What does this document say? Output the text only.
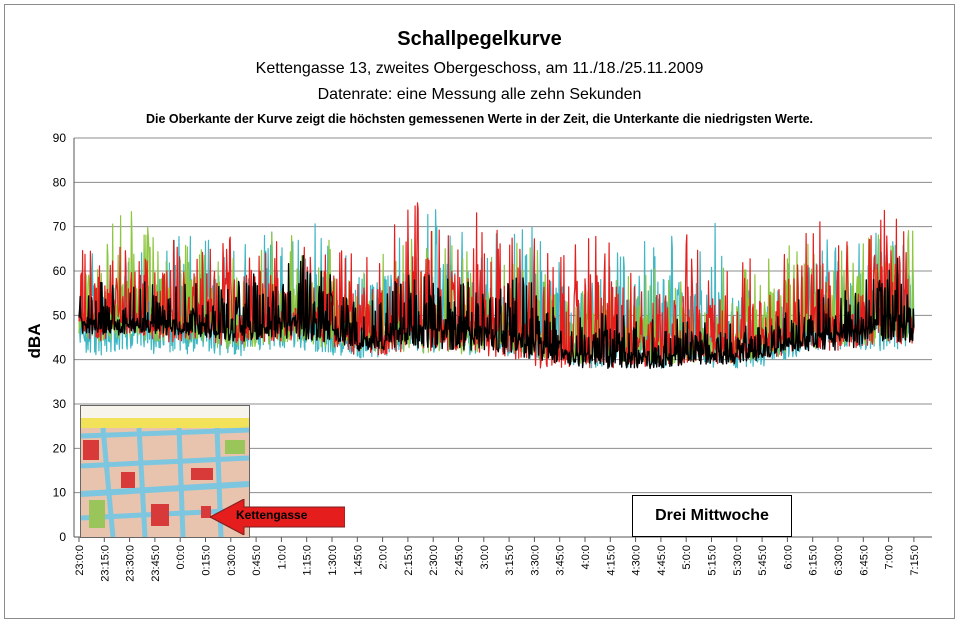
Schallpegelkurve
Kettengasse 13, zweites Obergeschoss, am 11./18./25.11.2009
Datenrate: eine Messung alle zehn Sekunden
Die Oberkante der Kurve zeigt die höchsten gemessenen Werte in der Zeit, die Unterkante die niedrigsten Werte.
0
10
20
30
40
50
60
70
80
90
23:0:0 23:15:0 23:30:0 23:45:0 0:0:0 0:15:0 0:30:0 0:45:0 1:0:0 1:15:0 1:30:0 1:45:0 2:0:0 2:15:0 2:30:0 2:45:0 3:0:0 3:15:0 3:30:0 3:45:0 4:0:0 4:15:0 4:30:0 4:45:0 5:0:0 5:15:0 5:30:0 5:45:0 6:0:0 6:15:0 6:30:0 6:45:0 7:0:0 7:15:0
dBA
Kettengasse	Drei Mittwoche
